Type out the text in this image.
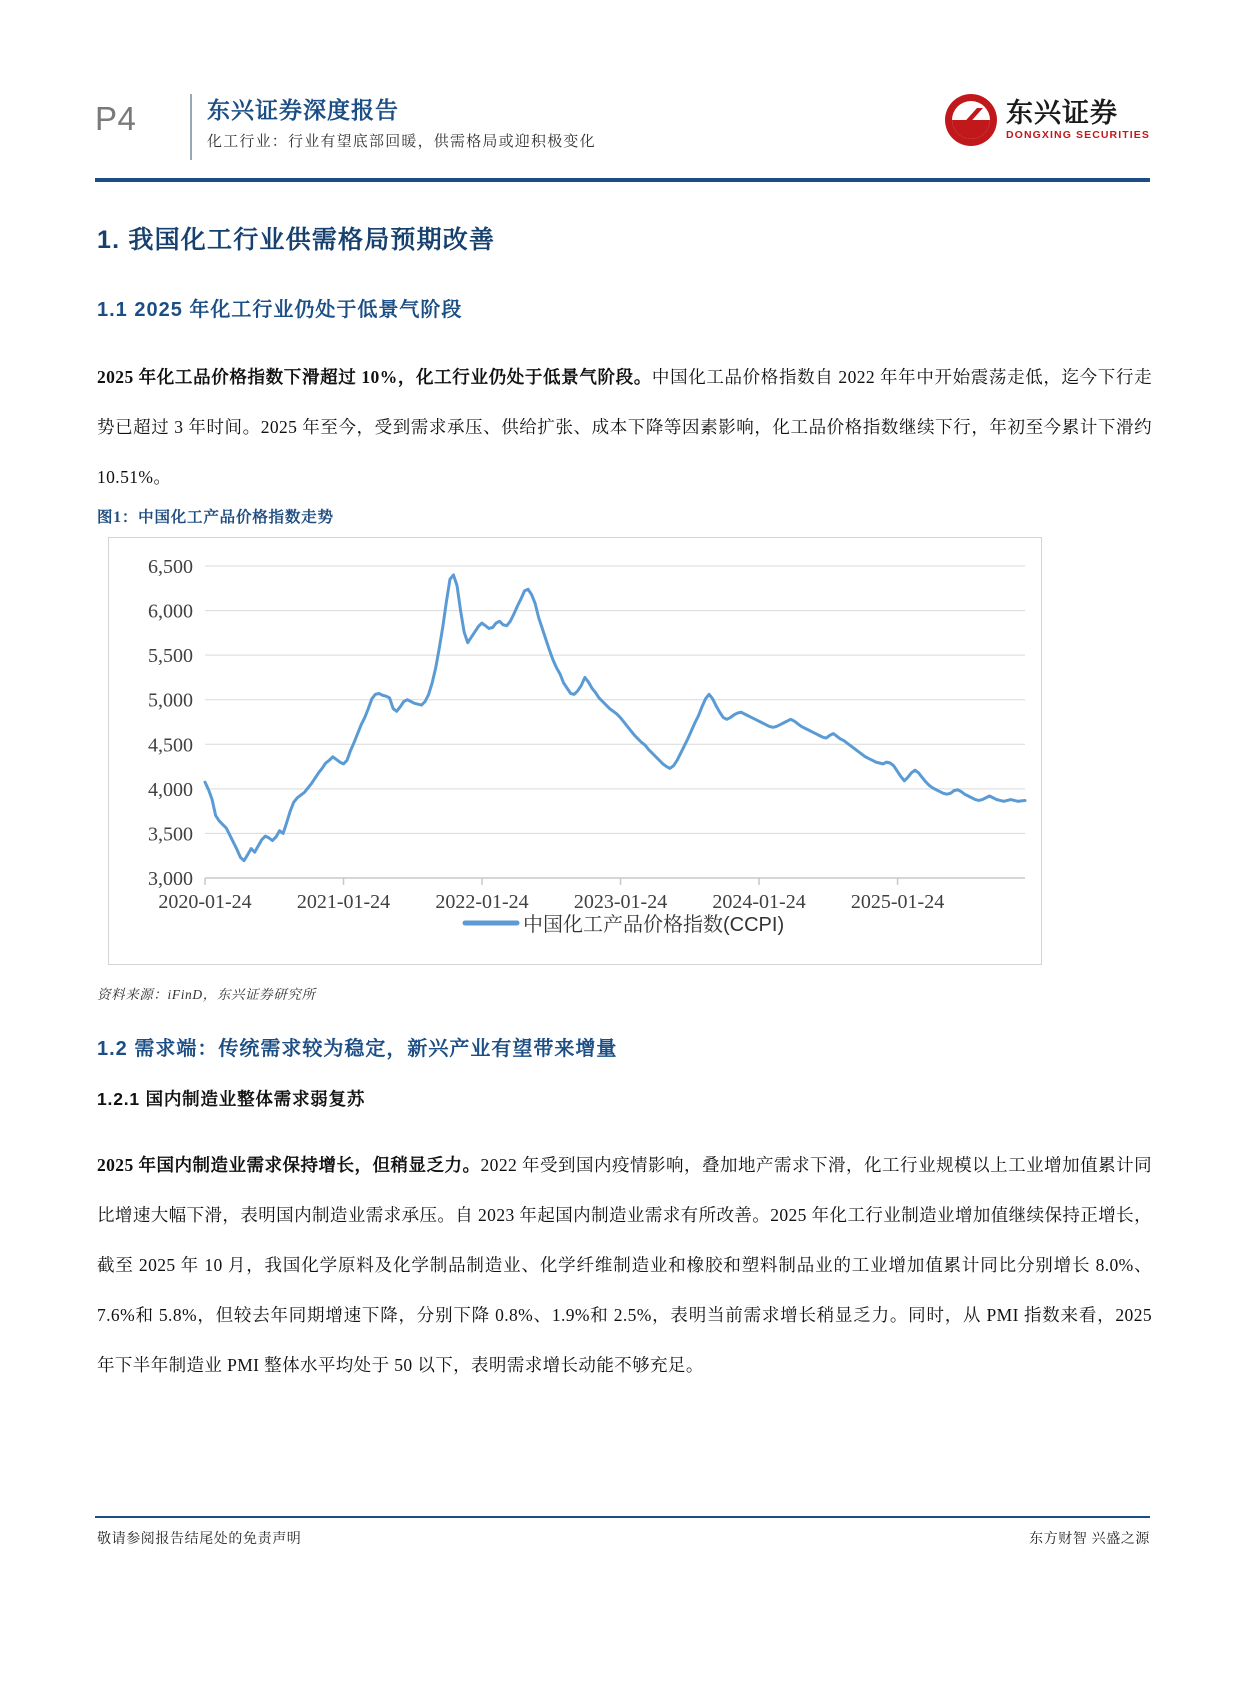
P4	东兴证券深度报告
化工行业：行业有望底部回暖，供需格局或迎积极变化
东兴证券
DONGXING SECURITIES
1. 我国化工行业供需格局预期改善
1.1 2025 年化工行业仍处于低景气阶段
2025 年化工品价格指数下滑超过 10%，化工行业仍处于低景气阶段。中国化工品价格指数自 2022 年年中开始震荡走低，迄今下行走势已超过 3 年时间。2025 年至今，受到需求承压、供给扩张、成本下降等因素影响，化工品价格指数继续下行，年初至今累计下滑约 10.51%。
图1：中国化工产品价格指数走势
3,000
3,500
4,000
4,500
5,000
5,500
6,000
6,500
2020-01-24 2021-01-24 2022-01-24 2023-01-24 2024-01-24 2025-01-24
中国化工产品价格指数(CCPI)
资料来源：iFinD，东兴证券研究所
1.2 需求端：传统需求较为稳定，新兴产业有望带来增量
1.2.1 国内制造业整体需求弱复苏
2025 年国内制造业需求保持增长，但稍显乏力。2022 年受到国内疫情影响，叠加地产需求下滑，化工行业规模以上工业增加值累计同比增速大幅下滑，表明国内制造业需求承压。自 2023 年起国内制造业需求有所改善。2025 年化工行业制造业增加值继续保持正增长，截至 2025 年 10 月，我国化学原料及化学制品制造业、化学纤维制造业和橡胶和塑料制品业的工业增加值累计同比分别增长 8.0%、7.6%和 5.8%，但较去年同期增速下降，分别下降 0.8%、1.9%和 2.5%，表明当前需求增长稍显乏力。同时，从 PMI 指数来看，2025 年下半年制造业 PMI 整体水平均处于 50 以下，表明需求增长动能不够充足。
敬请参阅报告结尾处的免责声明	东方财智 兴盛之源
